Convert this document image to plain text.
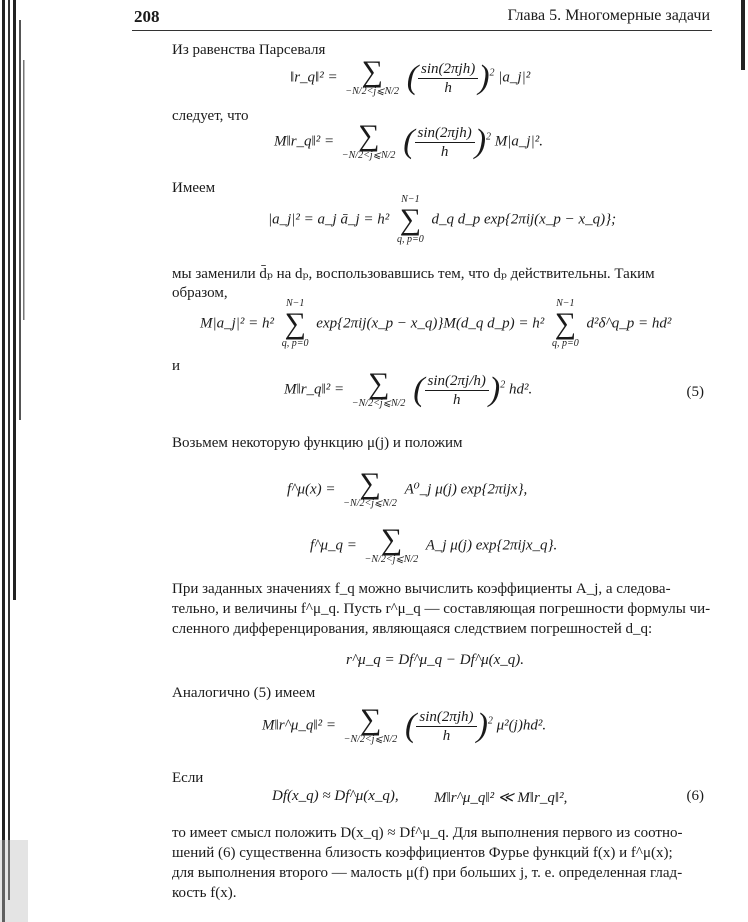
208	Глава 5. Многомерные задачи
Из равенства Парсеваля
‖r_q‖² = ∑
−N/2<j⩽N/2 ( $\frac{\text{sin(2πjh)}}{h} )^2$ |a_j|²
следует, что
M‖r_q‖² = ∑
−N/2<j⩽N/2 ( $\frac{\text{sin(2πjh)}}{h} )^2$ M|a_j|².
Имеем
|a_j|² = a_j ā_j = h²
N−1
∑
q, p=0
d_q d_p exp{2πij(x_p − x_q)};
мы заменили d̄ₚ на dₚ, воспользовавшись тем, что dₚ действительны. Таким
образом,
M|a_j|² = h²
N−1
∑
q, p=0
exp{2πij(x_p − x_q)}M(d_q d_p) = h²
N−1
∑
q, p=0
d²δ^q_p = hd²
и
M‖r_q‖² = ∑
−N/2<j⩽N/2 ( $\frac{\sin(2\pi j/h)}{h} )^2$ hd².	(5)
Возьмем некоторую функцию μ(j) и положим
f^μ(x) = ∑
−N/2<j⩽N/2
A⁰_j μ(j) exp{2πijx},
f^μ_q = ∑
−N/2<j⩽N/2
A_j μ(j) exp{2πijx_q}.
При заданных значениях f_q можно вычислить коэффициенты A_j, а следова-
тельно, и величины f^μ_q. Пусть r^μ_q — составляющая погрешности формулы чи-
сленного дифференцирования, являющаяся следствием погрешностей d_q:
r^μ_q = Df^μ_q − Df^μ(x_q).
Аналогично (5) имеем
M‖r^μ_q‖² = ∑
−N/2<j⩽N/2 ( $\frac{\text{sin(2πjh)}}{h} )^2$ μ²(j)hd².
Если
Df(x_q) ≈ Df^μ(x_q), M‖r^μ_q‖² ≪ M‖r_q‖²,	(6)
то имеет смысл положить D(x_q) ≈ Df^μ_q. Для выполнения первого из соотно-
шений (6) существенна близость коэффициентов Фурье функций f(x) и f^μ(x);
для выполнения второго — малость μ(f) при больших j, т. е. определенная глад-
кость f(x).
